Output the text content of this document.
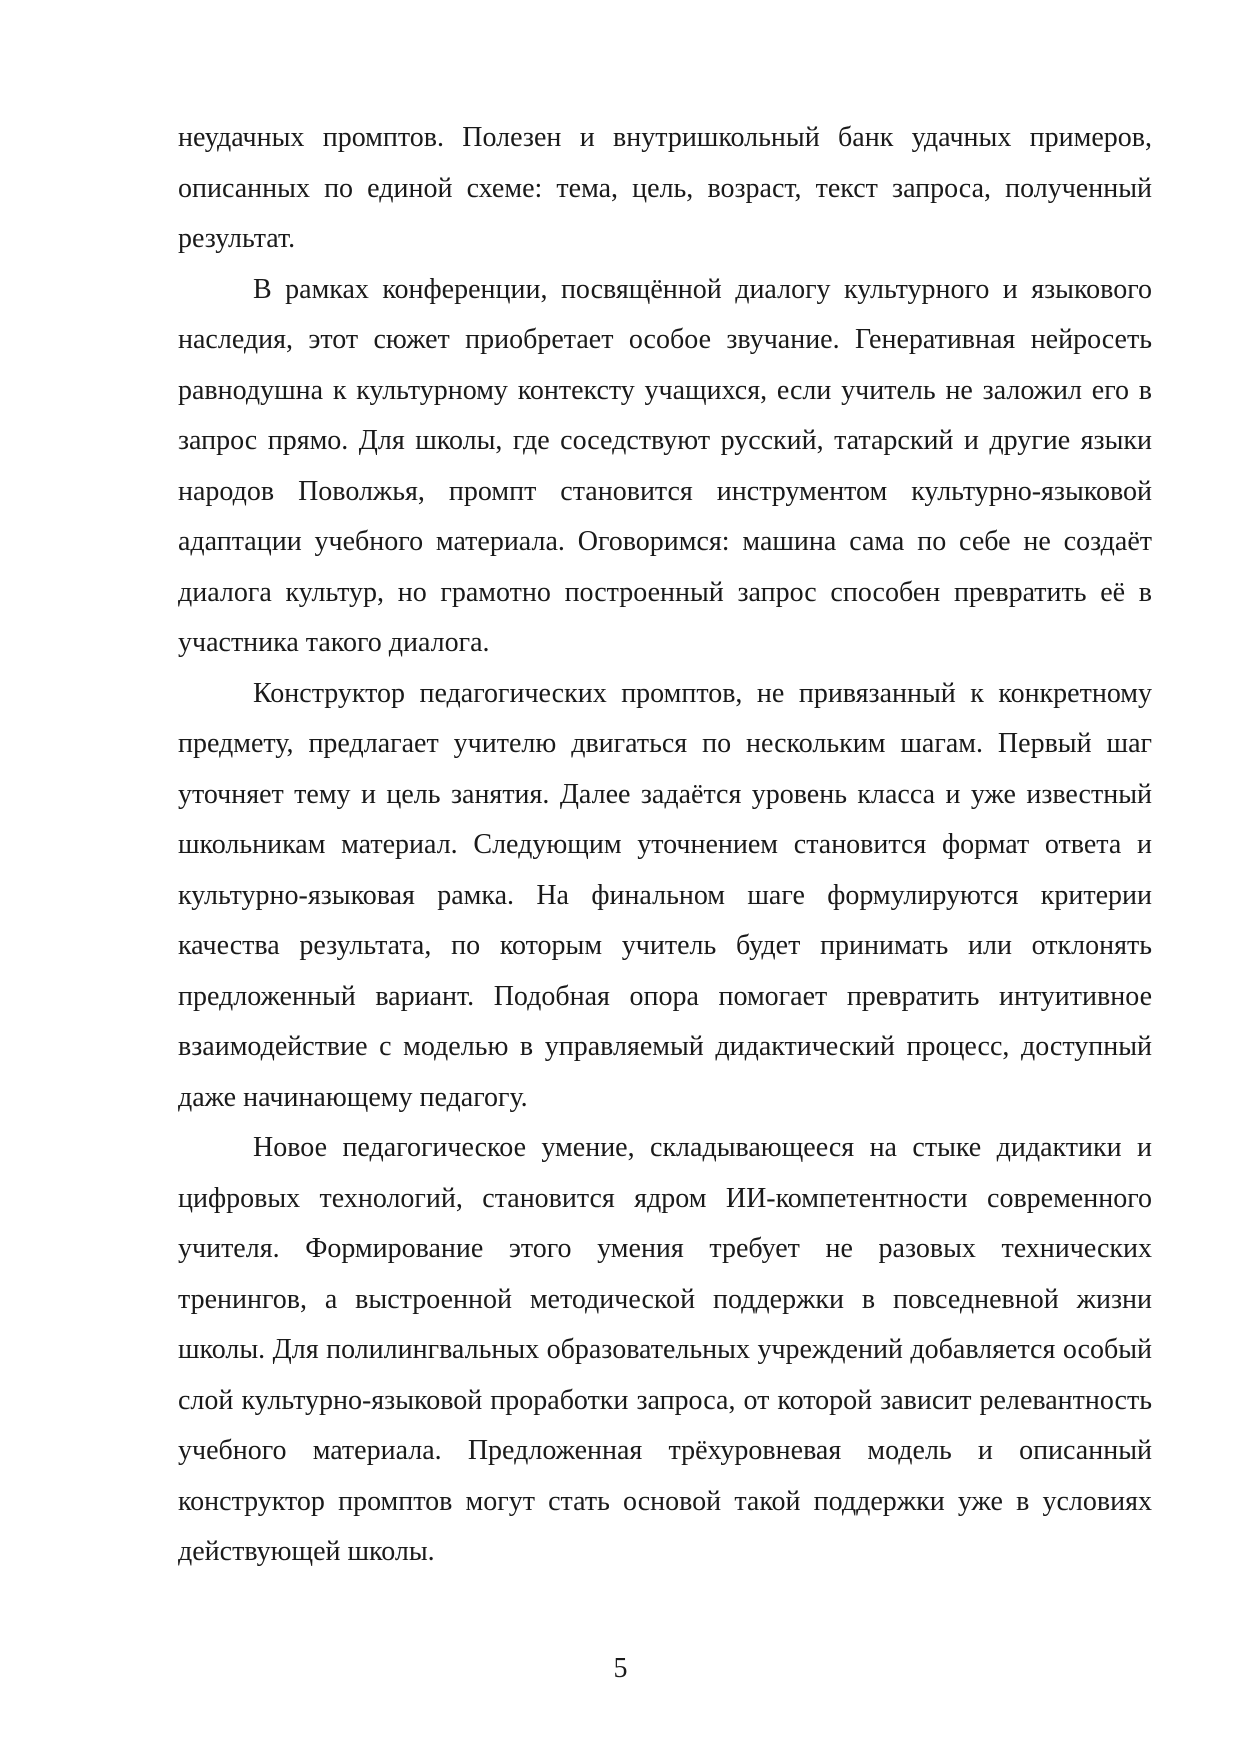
неудачных промптов. Полезен и внутришкольный банк удачных примеров, описанных по единой схеме: тема, цель, возраст, текст запроса, полученный результат.

В рамках конференции, посвящённой диалогу культурного и языкового наследия, этот сюжет приобретает особое звучание. Генеративная нейросеть равнодушна к культурному контексту учащихся, если учитель не заложил его в запрос прямо. Для школы, где соседствуют русский, татарский и другие языки народов Поволжья, промпт становится инструментом культурно-языковой адаптации учебного материала. Оговоримся: машина сама по себе не создаёт диалога культур, но грамотно построенный запрос способен превратить её в участника такого диалога.

Конструктор педагогических промптов, не привязанный к конкретному предмету, предлагает учителю двигаться по нескольким шагам. Первый шаг уточняет тему и цель занятия. Далее задаётся уровень класса и уже известный школьникам материал. Следующим уточнением становится формат ответа и культурно-языковая рамка. На финальном шаге формулируются критерии качества результата, по которым учитель будет принимать или отклонять предложенный вариант. Подобная опора помогает превратить интуитивное взаимодействие с моделью в управляемый дидактический процесс, доступный даже начинающему педагогу.

Новое педагогическое умение, складывающееся на стыке дидактики и цифровых технологий, становится ядром ИИ-компетентности современного учителя. Формирование этого умения требует не разовых технических тренингов, а выстроенной методической поддержки в повседневной жизни школы. Для полилингвальных образовательных учреждений добавляется особый слой культурно-языковой проработки запроса, от которой зависит релевантность учебного материала. Предложенная трёхуровневая модель и описанный конструктор промптов могут стать основой такой поддержки уже в условиях действующей школы.

5
